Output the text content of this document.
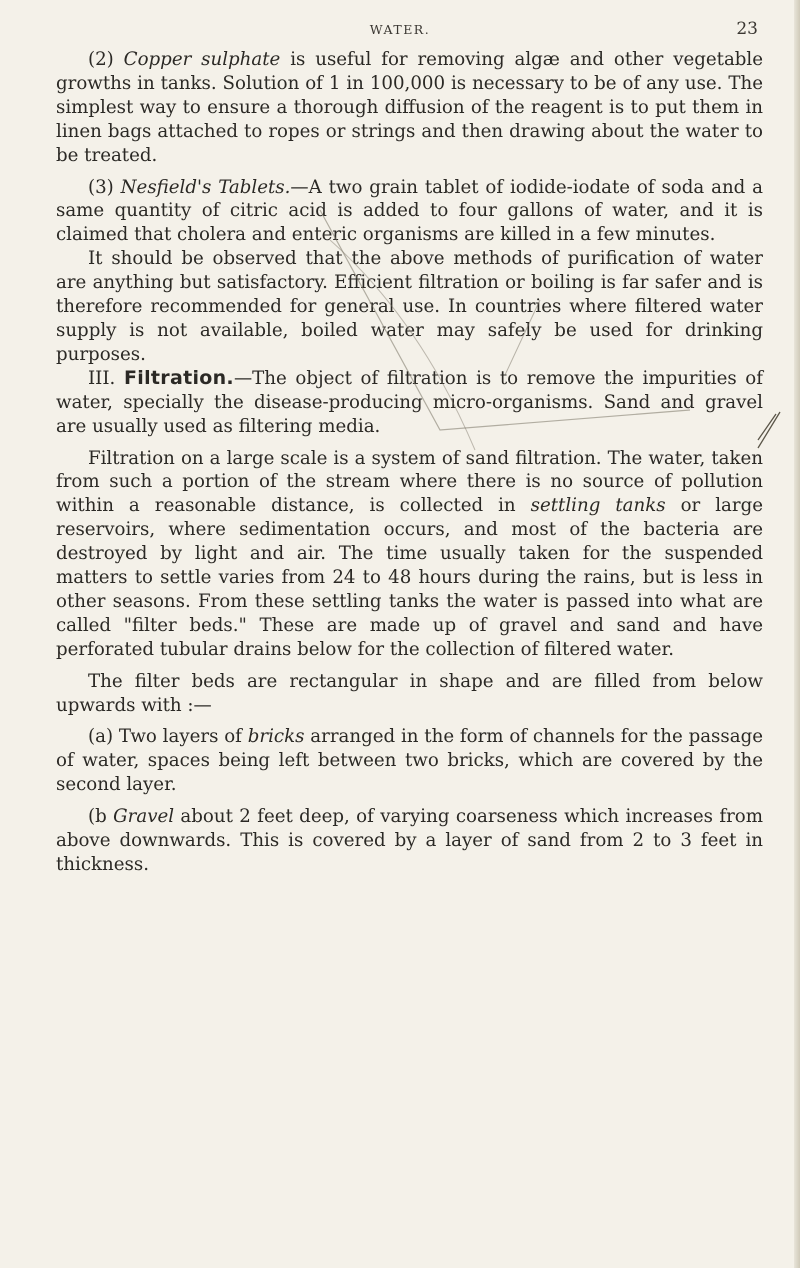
WATER.	23

(2) Copper sulphate is useful for removing algæ and other vegetable growths in tanks. Solution of 1 in 100,000 is necessary to be of any use. The simplest way to ensure a thorough diffusion of the reagent is to put them in linen bags attached to ropes or strings and then drawing about the water to be treated.

(3) Nesfield's Tablets.—A two grain tablet of iodide-iodate of soda and a same quantity of citric acid is added to four gallons of water, and it is claimed that cholera and enteric organisms are killed in a few minutes.

It should be observed that the above methods of purification of water are anything but satisfactory. Efficient filtration or boiling is far safer and is therefore recommended for general use. In countries where filtered water supply is not available, boiled water may safely be used for drinking purposes.

III. Filtration.—The object of filtration is to remove the impurities of water, specially the disease-producing micro-organisms. Sand and gravel are usually used as filtering media.

Filtration on a large scale is a system of sand filtration. The water, taken from such a portion of the stream where there is no source of pollution within a reasonable distance, is collected in settling tanks or large reservoirs, where sedimentation occurs, and most of the bacteria are destroyed by light and air. The time usually taken for the suspended matters to settle varies from 24 to 48 hours during the rains, but is less in other seasons. From these settling tanks the water is passed into what are called "filter beds." These are made up of gravel and sand and have perforated tubular drains below for the collection of filtered water.

The filter beds are rectangular in shape and are filled from below upwards with :—

(a) Two layers of bricks arranged in the form of channels for the passage of water, spaces being left between two bricks, which are covered by the second layer.

(b Gravel about 2 feet deep, of varying coarseness which increases from above downwards. This is covered by a layer of sand from 2 to 3 feet in thickness.
